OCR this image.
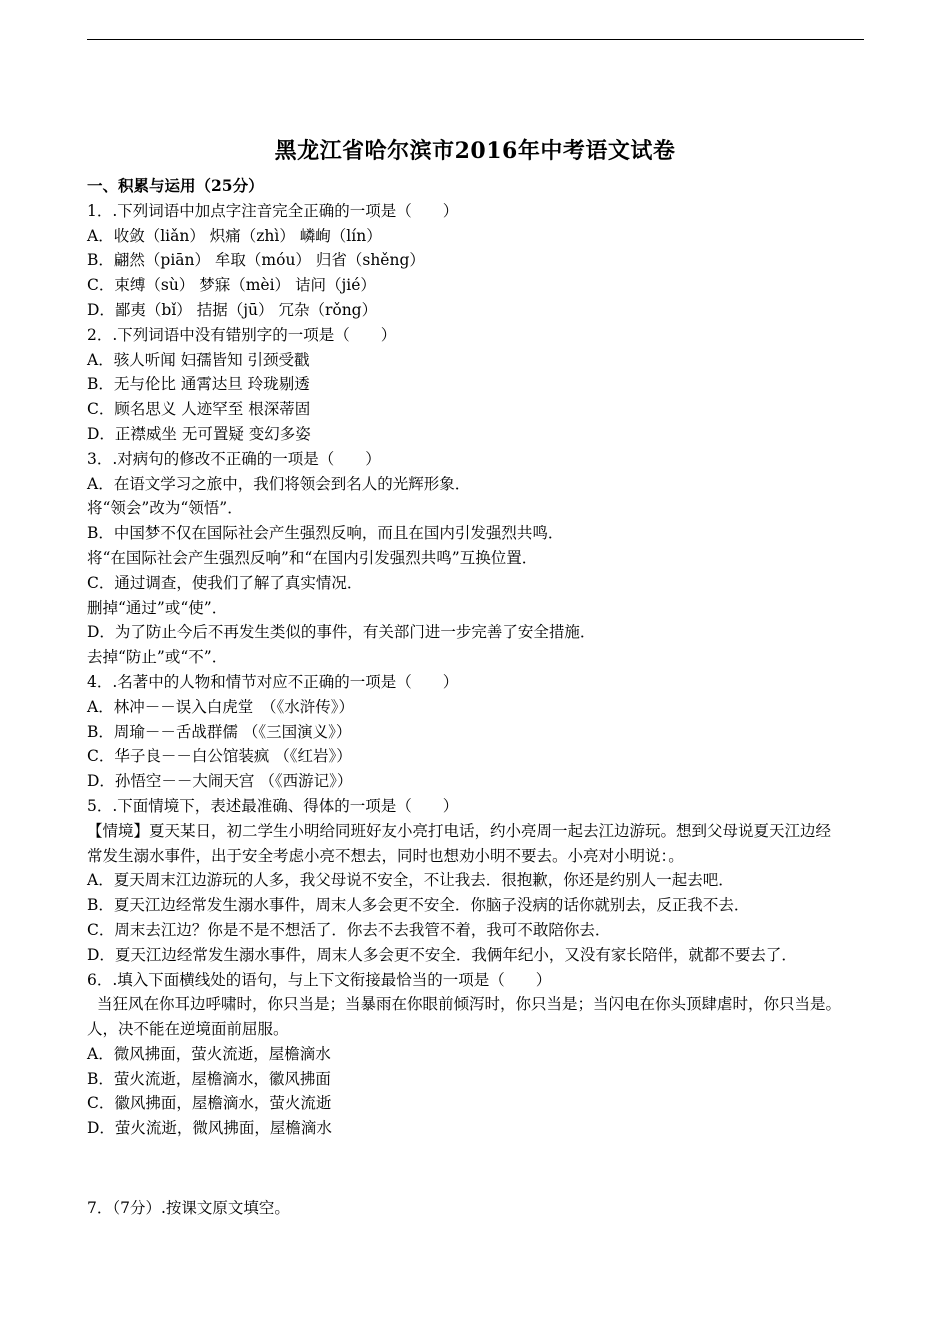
黑龙江省哈尔滨市2016年中考语文试卷
一、积累与运用（25分）
1．.下列词语中加点字注音完全正确的一项是（　　）
A．收敛（liǎn） 炽痛（zhì） 嶙峋（lín）
B．翩然（piān） 牟取（móu） 归省（shěng）
C．束缚（sù） 梦寐（mèi） 诘问（jié）
D．鄙夷（bǐ） 拮据（jū） 冗杂（rǒng）
2．.下列词语中没有错别字的一项是（　　）
A．骇人听闻 妇孺皆知 引颈受戳
B．无与伦比 通霄达旦 玲珑剔透
C．顾名思义 人迹罕至 根深蒂固
D．正襟威坐 无可置疑 变幻多姿
3．.对病句的修改不正确的一项是（　　）
A．在语文学习之旅中，我们将领会到名人的光辉形象．
将“领会”改为“领悟”．
B．中国梦不仅在国际社会产生强烈反响，而且在国内引发强烈共鸣．
将“在国际社会产生强烈反响”和“在国内引发强烈共鸣”互换位置．
C．通过调查，使我们了解了真实情况．
删掉“通过”或“使”．
D．为了防止今后不再发生类似的事件，有关部门进一步完善了安全措施．
去掉“防止”或“不”．
4．.名著中的人物和情节对应不正确的一项是（　　）
A．林冲－－误入白虎堂　（《水浒传》）
B．周瑜－－舌战群儒 （《三国演义》）
C．华子良－－白公馆装疯 （《红岩》）
D．孙悟空－－大闹天宫 （《西游记》）
5．.下面情境下，表述最准确、得体的一项是（　　）
【情境】夏天某日，初二学生小明给同班好友小亮打电话，约小亮周一起去江边游玩。想到父母说夏天江边经
常发生溺水事件，出于安全考虑小亮不想去，同时也想劝小明不要去。小亮对小明说：。
A．夏天周末江边游玩的人多，我父母说不安全，不让我去．很抱歉，你还是约别人一起去吧．
B．夏天江边经常发生溺水事件，周末人多会更不安全．你脑子没病的话你就别去，反正我不去．
C．周末去江边？你是不是不想活了．你去不去我管不着，我可不敢陪你去．
D．夏天江边经常发生溺水事件，周末人多会更不安全．我俩年纪小，又没有家长陪伴，就都不要去了．
6．.填入下面横线处的语句，与上下文衔接最恰当的一项是（　　）
当狂风在你耳边呼啸时，你只当是；当暴雨在你眼前倾泻时，你只当是；当闪电在你头顶肆虐时，你只当是。
人，决不能在逆境面前屈服。
A．微风拂面，萤火流逝，屋檐滴水
B．萤火流逝，屋檐滴水，徽风拂面
C．徽风拂面，屋檐滴水，萤火流逝
D．萤火流逝，微风拂面，屋檐滴水
7．（7分）.按课文原文填空。
